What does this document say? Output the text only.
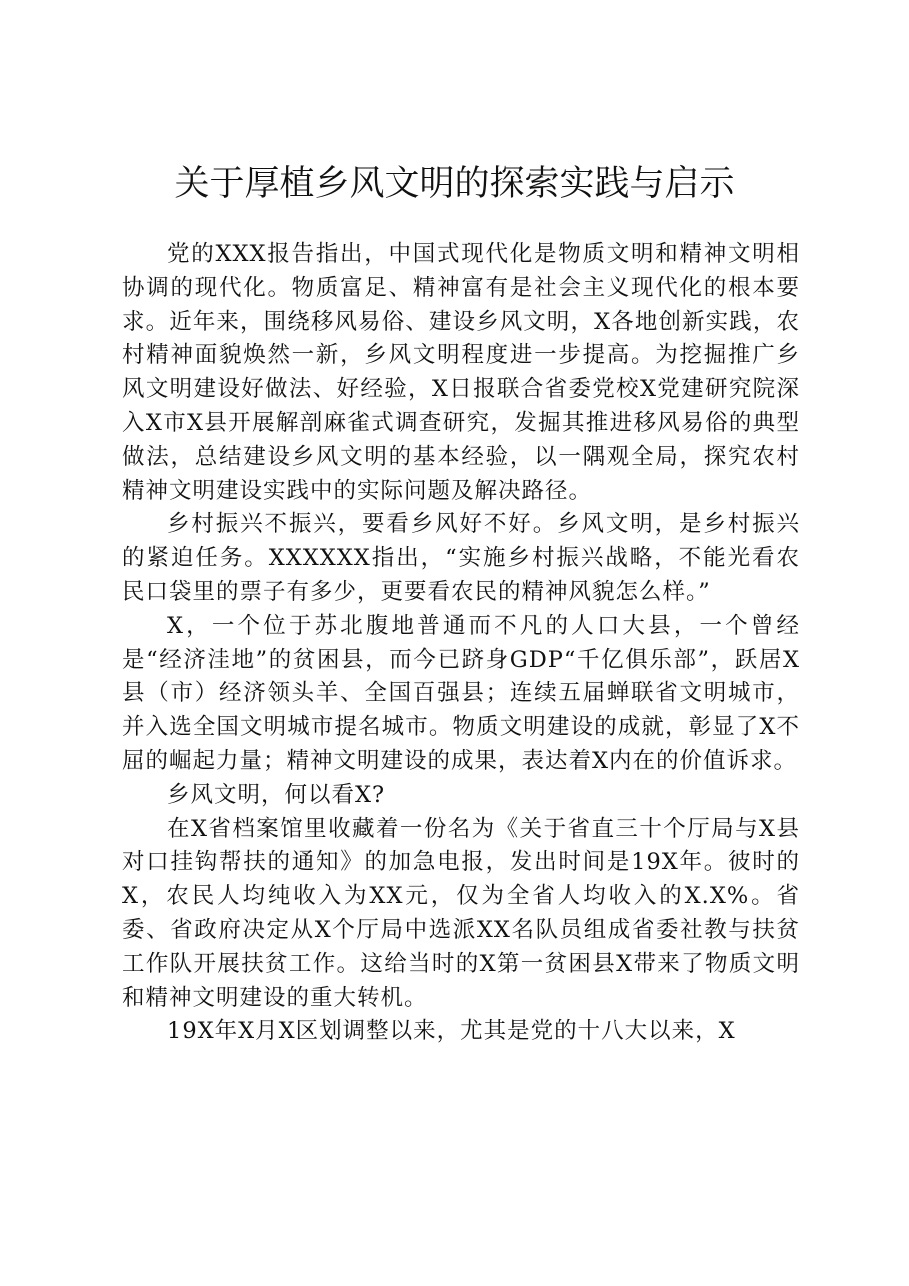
关于厚植乡风文明的探索实践与启示

党的XXX报告指出，中国式现代化是物质文明和精神文明相协调的现代化。物质富足、精神富有是社会主义现代化的根本要求。近年来，围绕移风易俗、建设乡风文明，X各地创新实践，农村精神面貌焕然一新，乡风文明程度进一步提高。为挖掘推广乡风文明建设好做法、好经验，X日报联合省委党校X党建研究院深入X市X县开展解剖麻雀式调查研究，发掘其推进移风易俗的典型做法，总结建设乡风文明的基本经验，以一隅观全局，探究农村精神文明建设实践中的实际问题及解决路径。

乡村振兴不振兴，要看乡风好不好。乡风文明，是乡村振兴的紧迫任务。XXXXXX指出，“实施乡村振兴战略，不能光看农民口袋里的票子有多少，更要看农民的精神风貌怎么样。”

X，一个位于苏北腹地普通而不凡的人口大县，一个曾经是“经济洼地”的贫困县，而今已跻身GDP“千亿俱乐部”，跃居X县（市）经济领头羊、全国百强县；连续五届蝉联省文明城市，并入选全国文明城市提名城市。物质文明建设的成就，彰显了X不屈的崛起力量；精神文明建设的成果，表达着X内在的价值诉求。

乡风文明，何以看X?

在X省档案馆里收藏着一份名为《关于省直三十个厅局与X县对口挂钩帮扶的通知》的加急电报，发出时间是19X年。彼时的X，农民人均纯收入为XX元，仅为全省人均收入的X.X%。省委、省政府决定从X个厅局中选派XX名队员组成省委社教与扶贫工作队开展扶贫工作。这给当时的X第一贫困县X带来了物质文明和精神文明建设的重大转机。

19X年X月X区划调整以来，尤其是党的十八大以来，X
